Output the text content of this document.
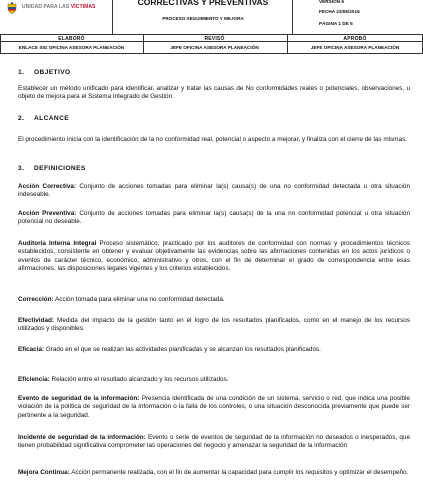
UNIDAD PARA LAS VÍCTIMAS	CORRECTIVAS Y PREVENTIVAS
PROCESO SEGUIMIENTO Y MEJORA
VERSIÓN 6
FECHA 23/06/2016
PÁGINA 1 DE 5
ELABORÓ	REVISÓ	APROBÓ
ENLACE SIG OFICINA ASESORA PLANEACIÓN	JEFE OFICINA ASESORA PLANEACIÓN	JEFE OFICINA ASESORA PLANEACIÓN
1. OBJETIVO
Establecer un método unificado para identificar, analizar y tratar las causas de No conformidades reales o potenciales, observaciones, u objeto de mejora para el Sistema Integrado de Gestión.
2. ALCANCE
El procedimiento inicia con la identificación de la no conformidad real, potencial o aspecto a mejorar, y finaliza con el cierre de las mismas.
3. DEFINICIONES
Acción Correctiva: Conjunto de acciones tomadas para eliminar la(s) causa(s) de una no conformidad detectada u otra situación indeseable.
Acción Preventiva: Conjunto de acciones tomadas para eliminar la(s) causa(s) de la una no conformidad potencial u otra situación potencial no deseable.
Auditoría Interna Integral Proceso sistemático, practicado por los auditores de conformidad con normas y procedimientos técnicos establecidos, consistente en obtener y evaluar objetivamente las evidencias sobre las afirmaciones contenidas en los actos jurídicos o eventos de carácter técnico, económico, administrativo y otros, con el fin de determinar el grado de correspondencia entre esas afirmaciones, las disposiciones legales vigentes y los criterios establecidos.
Corrección: Acción tomada para eliminar una no conformidad detectada.
Efectividad: Medida del impacto de la gestión tanto en el logro de los resultados planificados, como en el manejo de los recursos utilizados y disponibles.
Eficacia: Grado en el que se realizan las actividades planificadas y se alcanzan los resultados planificados.
Eficiencia: Relación entre el resultado alcanzado y los recursos utilizados.
Evento de seguridad de la información: Presencia identificada de una condición de un sistema, servicio o red, que indica una posible violación de la política de seguridad de la información o la falla de los controles, o una situación desconocida previamente que puede ser pertinente a la seguridad.
Incidente de seguridad de la información: Evento o serie de eventos de seguridad de la información no deseados o inesperados, que tienen probabilidad significativa comprometer las operaciones del negocio y amenazar la seguridad de la información
Mejora Continua: Acción permanente realizada, con el fin de aumentar la capacidad para cumplir los requisitos y optimizar el desempeño.
